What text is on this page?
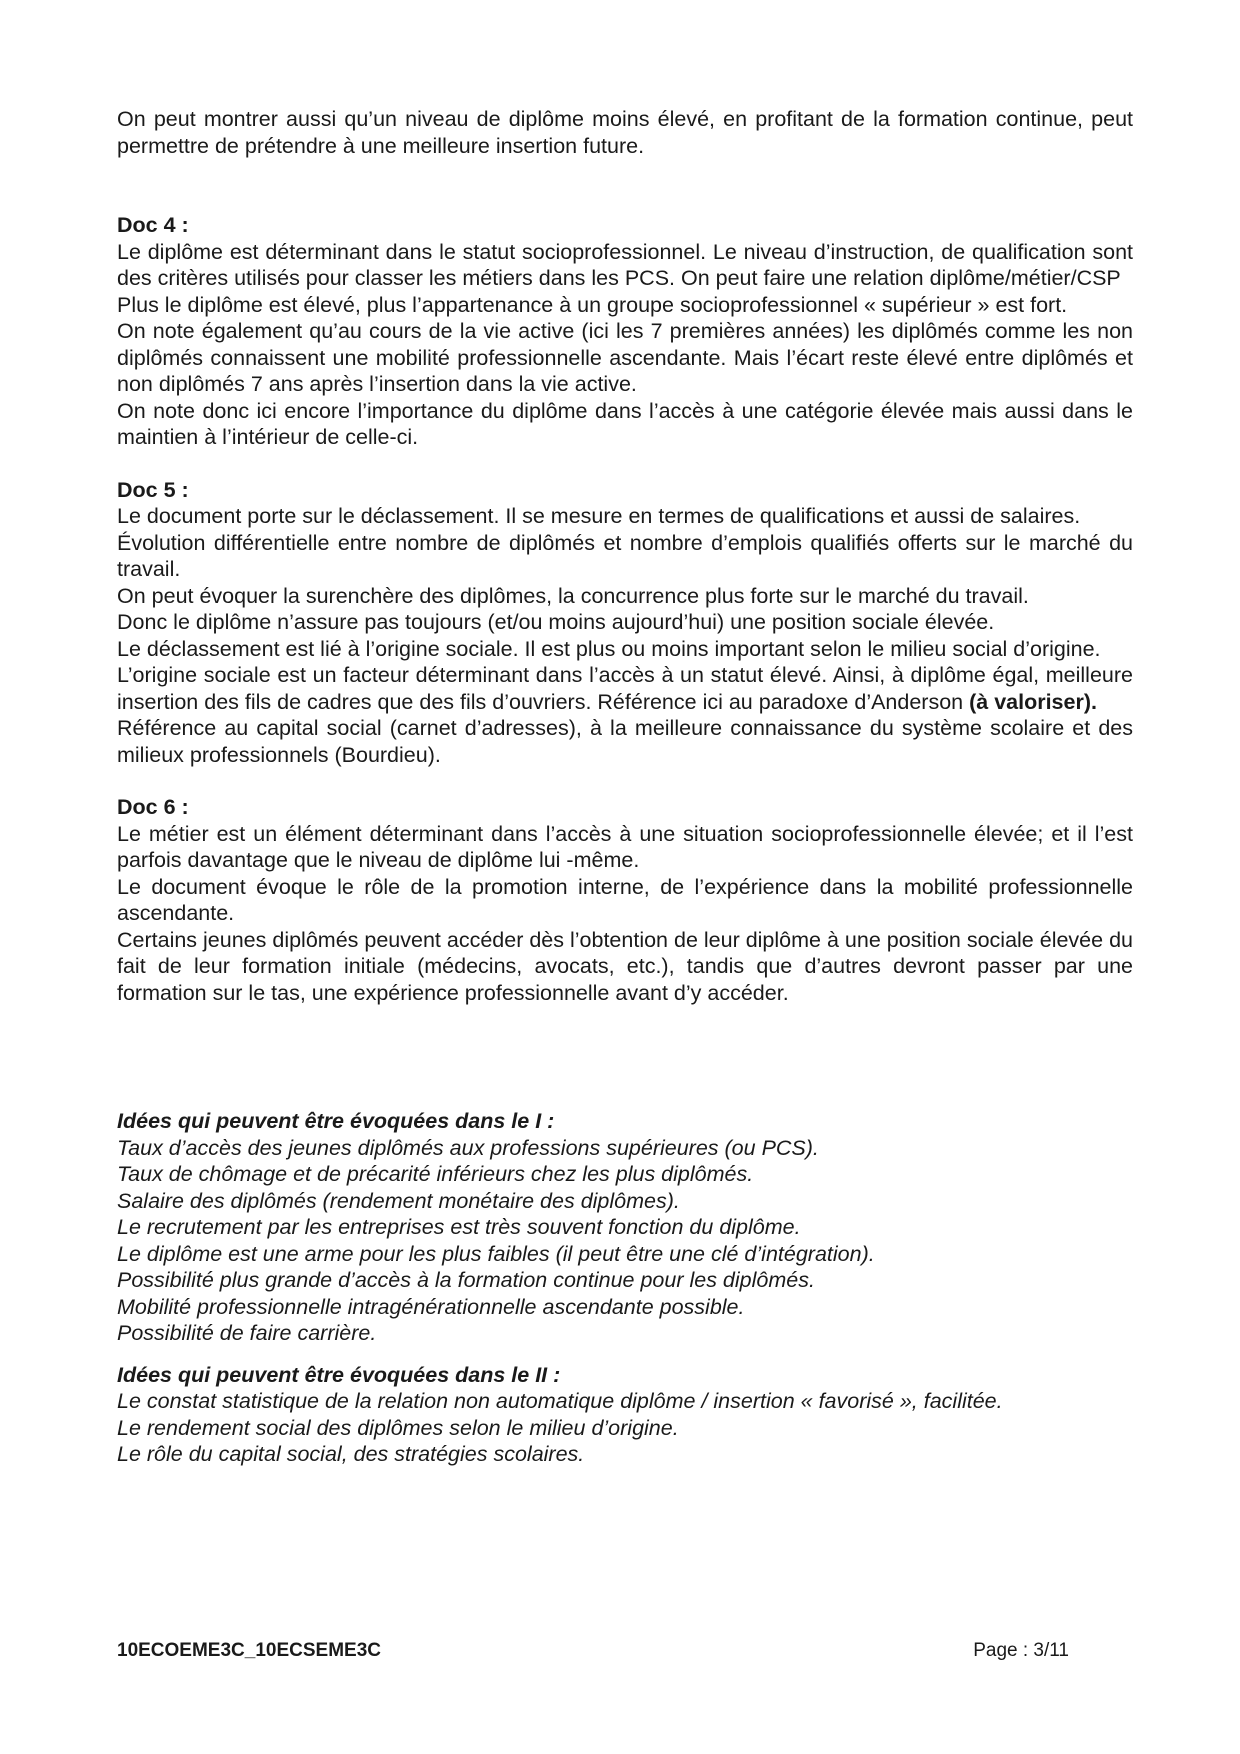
On peut montrer aussi qu’un niveau de diplôme moins élevé, en profitant de la formation continue, peut permettre de prétendre à une meilleure insertion future.

Doc 4 :

Le diplôme est déterminant dans le statut socioprofessionnel. Le niveau d’instruction, de qualification sont des critères utilisés pour classer les métiers dans les PCS. On peut faire une relation diplôme/métier/CSP

Plus le diplôme est élevé, plus l’appartenance à un groupe socioprofessionnel « supérieur » est fort.

On note également qu’au cours de la vie active (ici les 7 premières années) les diplômés comme les non diplômés connaissent une mobilité professionnelle ascendante. Mais l’écart reste élevé entre diplômés et non diplômés 7 ans après l’insertion dans la vie active.

On note donc ici encore l’importance du diplôme dans l’accès à une catégorie élevée mais aussi dans le maintien à l’intérieur de celle-ci.

Doc 5 :

Le document porte sur le déclassement. Il se mesure en termes de qualifications et aussi de salaires.

Évolution différentielle entre nombre de diplômés et nombre d’emplois qualifiés offerts sur le marché du travail.

On peut évoquer la surenchère des diplômes, la concurrence plus forte sur le marché du travail.

Donc le diplôme n’assure pas toujours (et/ou moins aujourd’hui) une position sociale élevée.

Le déclassement est lié à l’origine sociale. Il est plus ou moins important selon le milieu social d’origine.

L’origine sociale est un facteur déterminant dans l’accès à un statut élevé. Ainsi, à diplôme égal, meilleure insertion des fils de cadres que des fils d’ouvriers. Référence ici au paradoxe d’Anderson (à valoriser).

Référence au capital social (carnet d’adresses), à la meilleure connaissance du système scolaire et des milieux professionnels (Bourdieu).

Doc 6 :

Le métier est un élément déterminant dans l’accès à une situation socioprofessionnelle élevée; et il l’est parfois davantage que le niveau de diplôme lui -même.

Le document évoque le rôle de la promotion interne, de l’expérience dans la mobilité professionnelle ascendante.

Certains jeunes diplômés peuvent accéder dès l’obtention de leur diplôme à une position sociale élevée du fait de leur formation initiale (médecins, avocats, etc.), tandis que d’autres devront passer par une formation sur le tas, une expérience professionnelle avant d’y accéder.

Idées qui peuvent être évoquées dans le I :

Taux d’accès des jeunes diplômés aux professions supérieures (ou PCS).
Taux de chômage et de précarité inférieurs chez les plus diplômés.
Salaire des diplômés (rendement monétaire des diplômes).
Le recrutement par les entreprises est très souvent fonction du diplôme.
Le diplôme est une arme pour les plus faibles (il peut être une clé d’intégration).
Possibilité plus grande d’accès à la formation continue pour les diplômés.
Mobilité professionnelle intragénérationnelle ascendante possible.
Possibilité de faire carrière.

Idées qui peuvent être évoquées dans le II :

Le constat statistique de la relation non automatique diplôme / insertion « favorisé », facilitée.
Le rendement social des diplômes selon le milieu d’origine.
Le rôle du capital social, des stratégies scolaires.
10ECOEME3C_10ECSEME3C	Page : 3/11
